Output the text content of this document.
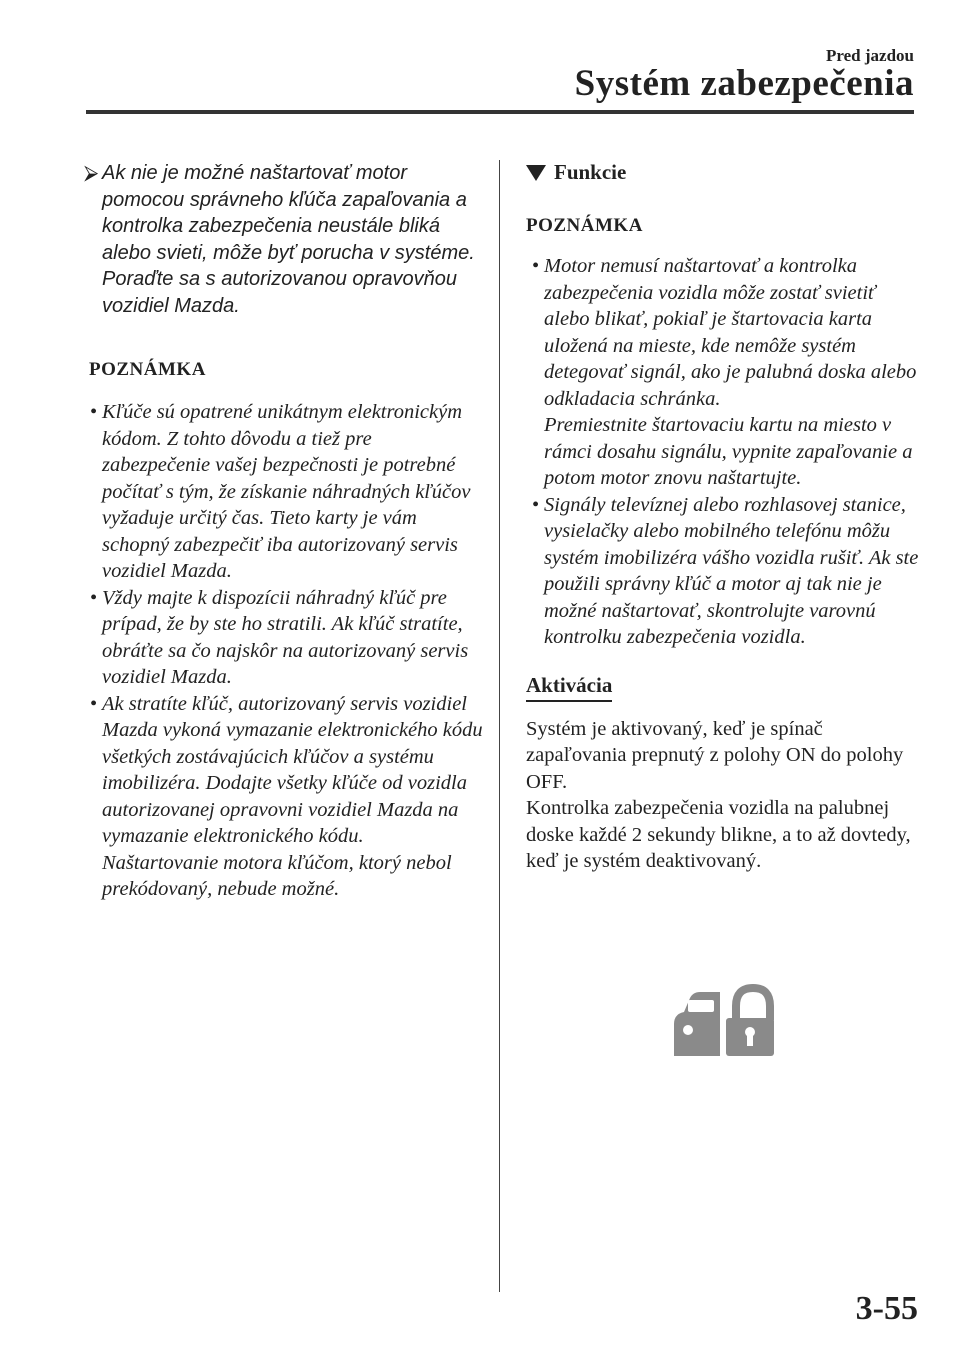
Pred jazdou
Systém zabezpečenia
⮚ Ak nie je možné naštartovať motor pomocou správneho kľúča zapaľovania a kontrolka zabezpečenia neustále bliká alebo svieti, môže byť porucha v systéme. Poraďte sa s autorizovanou opravovňou vozidiel Mazda.
POZNÁMKA
• Kľúče sú opatrené unikátnym elektronickým kódom. Z tohto dôvodu a tiež pre zabezpečenie vašej bezpečnosti je potrebné počítať s tým, že získanie náhradných kľúčov vyžaduje určitý čas. Tieto karty je vám schopný zabezpečiť iba autorizovaný servis vozidiel Mazda.

• Vždy majte k dispozícii náhradný kľúč pre prípad, že by ste ho stratili. Ak kľúč stratíte, obráťte sa čo najskôr na autorizovaný servis vozidiel Mazda.

• Ak stratíte kľúč, autorizovaný servis vozidiel Mazda vykoná vymazanie elektronického kódu všetkých zostávajúcich kľúčov a systému imobilizéra. Dodajte všetky kľúče od vozidla autorizovanej opravovni vozidiel Mazda na vymazanie elektronického kódu.

Naštartovanie motora kľúčom, ktorý nebol prekódovaný, nebude možné.

Funkcie
POZNÁMKA
• Motor nemusí naštartovať a kontrolka zabezpečenia vozidla môže zostať svietiť alebo blikať, pokiaľ je štartovacia karta uložená na mieste, kde nemôže systém detegovať signál, ako je palubná doska alebo odkladacia schránka.

Premiestnite štartovaciu kartu na miesto v rámci dosahu signálu, vypnite zapaľovanie a potom motor znovu naštartujte.

• Signály televíznej alebo rozhlasovej stanice, vysielačky alebo mobilného telefónu môžu systém imobilizéra vášho vozidla rušiť. Ak ste použili správny kľúč a motor aj tak nie je možné naštartovať, skontrolujte varovnú kontrolku zabezpečenia vozidla.

Aktivácia

Systém je aktivovaný, keď je spínač zapaľovania prepnutý z polohy ON do polohy OFF.

Kontrolka zabezpečenia vozidla na palubnej doske každé 2 sekundy blikne, a to až dovtedy, keď je systém deaktivovaný.

3-55
